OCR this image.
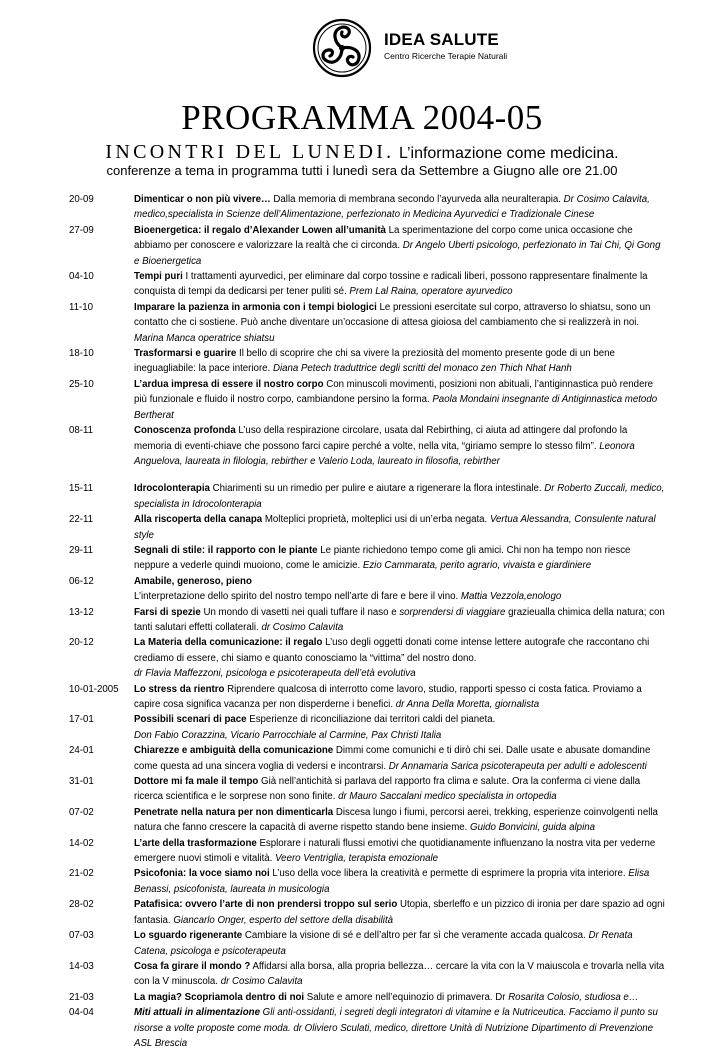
IDEA SALUTE
Centro Ricerche Terapie Naturali
PROGRAMMA 2004-05
INCONTRI DEL LUNEDI. L’informazione come medicina.
conferenze a tema in programma tutti i lunedì sera da Settembre a Giugno alle ore 21.00
20-09	Dimenticar o non più vivere… Dalla memoria di membrana secondo l’ayurveda alla neuralterapia. Dr Cosimo Calavita, medico,specialista in Scienze dell’Alimentazione, perfezionato in Medicina Ayurvedici e Tradizionale Cinese
27-09	Bioenergetica: il regalo d’Alexander Lowen all’umanità La sperimentazione del corpo come unica occasione che abbiamo per conoscere e valorizzare la realtà che ci circonda. Dr Angelo Uberti psicologo, perfezionato in Tai Chi, Qi Gong e Bioenergetica
04-10	Tempi puri I trattamenti ayurvedici, per eliminare dal corpo tossine e radicali liberi, possono rappresentare finalmente la conquista di tempi da dedicarsi per tener puliti sé. Prem Lal Raina, operatore ayurvedico
11-10	Imparare la pazienza in armonia con i tempi biologici Le pressioni esercitate sul corpo, attraverso lo shiatsu, sono un contatto che ci sostiene. Può anche diventare un’occasione di attesa gioiosa del cambiamento che si realizzerà in noi. Marina Manca operatrice shiatsu
18-10	Trasformarsi e guarire Il bello di scoprire che chi sa vivere la preziosità del momento presente gode di un bene ineguagliabile: la pace interiore. Diana Petech traduttrice degli scritti del monaco zen Thich Nhat Hanh
25-10	L’ardua impresa di essere il nostro corpo Con minuscoli movimenti, posizioni non abituali, l’antiginnastica può rendere più funzionale e fluido il nostro corpo, cambiandone persino la forma. Paola Mondaini insegnante di Antiginnastica metodo Bertherat
08-11	Conoscenza profonda L’uso della respirazione circolare, usata dal Rebirthing, ci aiuta ad attingere dal profondo la memoria di eventi-chiave che possono farci capire perché a volte, nella vita, “giriamo sempre lo stesso film”. Leonora Anguelova, laureata in filologia, rebirther e Valerio Loda, laureato in filosofia, rebirther
15-11	Idrocolonterapia Chiarimenti su un rimedio per pulire e aiutare a rigenerare la flora intestinale. Dr Roberto Zuccali, medico, specialista in Idrocolonterapia
22-11	Alla riscoperta della canapa Molteplici proprietà, molteplici usi di un’erba negata. Vertua Alessandra, Consulente natural style
29-11	Segnali di stile: il rapporto con le piante Le piante richiedono tempo come gli amici. Chi non ha tempo non riesce neppure a vederle quindi muoiono, come le amicizie. Ezio Cammarata, perito agrario, vivaista e giardiniere
06-12	Amabile, generoso, pieno
L’interpretazione dello spirito del nostro tempo nell’arte di fare e bere il vino. Mattia Vezzola,enologo
13-12	Farsi di spezie Un mondo di vasetti nei quali tuffare il naso e sorprendersi di viaggiare grazieualla chimica della natura; con tanti salutari effetti collaterali. dr Cosimo Calavita
20-12	La Materia della comunicazione: il regalo L’uso degli oggetti donati come intense lettere autografe che raccontano chi crediamo di essere, chi siamo e quanto conosciamo la “vittima” del nostro dono.
dr Flavia Maffezzoni, psicologa e psicoterapeuta dell’età evolutiva
10-01-2005	Lo stress da rientro Riprendere qualcosa di interrotto come lavoro, studio, rapporti spesso ci costa fatica. Proviamo a capire cosa significa vacanza per non disperderne i benefici. dr Anna Della Moretta, giornalista
17-01	Possibili scenari di pace Esperienze di riconciliazione dai territori caldi del pianeta.
Don Fabio Corazzina, Vicario Parrocchiale al Carmine, Pax Christi Italia
24-01	Chiarezze e ambiguità della comunicazione Dimmi come comunichi e ti dirò chi sei. Dalle usate e abusate domandine come questa ad una sincera voglia di vedersi e incontrarsi. Dr Annamaria Sarica psicoterapeuta per adulti e adolescenti
31-01	Dottore mi fa male il tempo Già nell’antichità si parlava del rapporto fra clima e salute. Ora la conferma ci viene dalla ricerca scientifica e le sorprese non sono finite. dr Mauro Saccalani medico specialista in ortopedia
07-02	Penetrate nella natura per non dimenticarla Discesa lungo i fiumi, percorsi aerei, trekking, esperienze coinvolgenti nella natura che fanno crescere la capacità di averne rispetto stando bene insieme. Guido Bonvicini, guida alpina
14-02	L’arte della trasformazione Esplorare i naturali flussi emotivi che quotidianamente influenzano la nostra vita per vederne emergere nuovi stimoli e vitalità. Veero Ventriglia, terapista emozionale
21-02	Psicofonia: la voce siamo noi L’uso della voce libera la creatività e permette di esprimere la propria vita interiore. Elisa Benassi, psicofonista, laureata in musicologia
28-02	Patafisica: ovvero l’arte di non prendersi troppo sul serio Utopia, sberleffo e un pizzico di ironia per dare spazio ad ogni fantasia. Giancarlo Onger, esperto del settore della disabilità
07-03	Lo sguardo rigenerante Cambiare la visione di sé e dell’altro per far sì che veramente accada qualcosa. Dr Renata Catena, psicologa e psicoterapeuta
14-03	Cosa fa girare il mondo ? Affidarsi alla borsa, alla propria bellezza… cercare la vita con la V maiuscola e trovarla nella vita con la V minuscola. dr Cosimo Calavita
21-03	La magia? Scopriamola dentro di noi Salute e amore nell’equinozio di primavera. Dr Rosarita Colosio, studiosa e…
04-04	Miti attuali in alimentazione Gli anti-ossidanti, i segreti degli integratori di vitamine e la Nutriceutica. Facciamo il punto su risorse a volte proposte come moda. dr Oliviero Sculati, medico, direttore Unità di Nutrizione Dipartimento di Prevenzione ASL Brescia
